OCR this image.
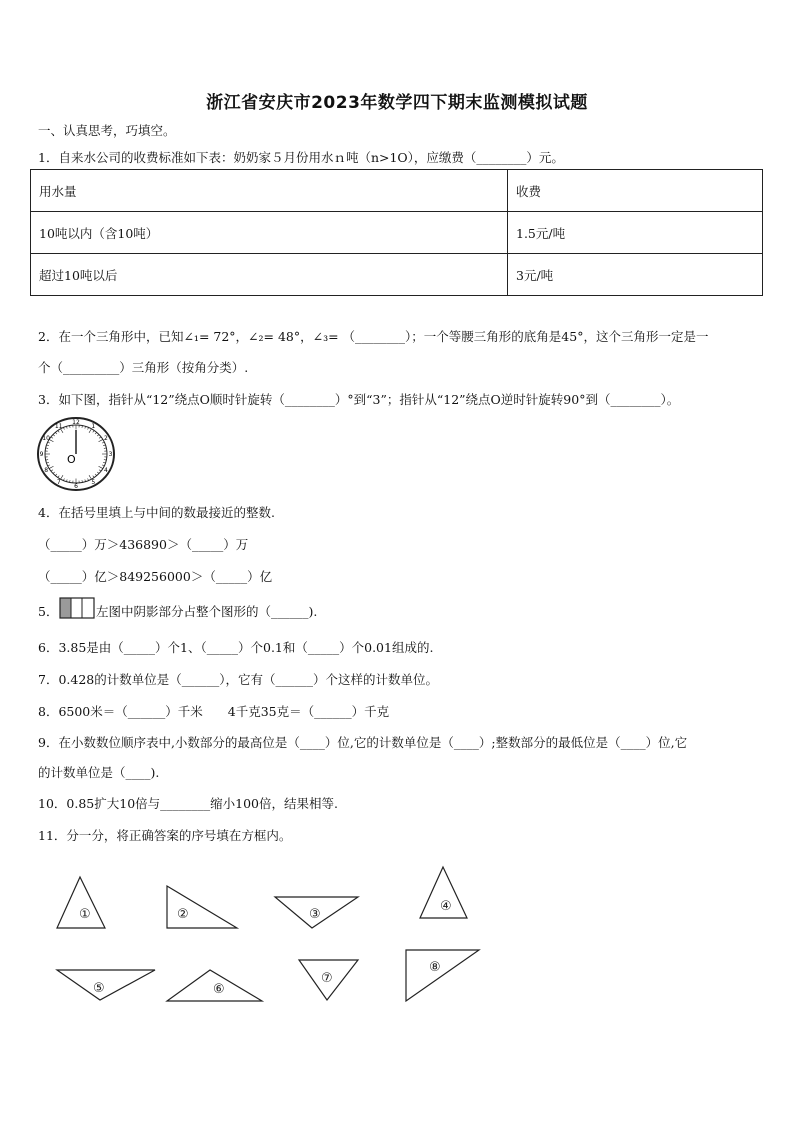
浙江省安庆市2023年数学四下期末监测模拟试题
一、认真思考，巧填空。
1．自来水公司的收费标准如下表：奶奶家５月份用水ｎ吨（n>1O），应缴费（________）元。
用水量	收费
10吨以内（含10吨）	1.5元/吨
超过10吨以后	3元/吨
2．在一个三角形中，已知∠₁= 72°，∠₂= 48°，∠₃= （________）；一个等腰三角形的底角是45°，这个三角形一定是一
个（_________）三角形（按角分类）.
3．如下图，指针从“12”绕点O顺时针旋转（________）°到“3”；指针从“12”绕点O逆时针旋转90°到（________）。
12
1
2
3
4
5
6
7
8
9
10
11
O
4．在括号里填上与中间的数最接近的整数.
（_____）万＞436890＞（_____）万
（_____）亿＞849256000＞（_____）亿
5．	左图中阴影部分占整个图形的（______).
6．3.85是由（_____）个1、（_____）个0.1和（_____）个0.01组成的.
7．0.428的计数单位是（______），它有（______）个这样的计数单位。
8．6500米＝（______）千米　　4千克35克＝（______）千克
9．在小数数位顺序表中,小数部分的最高位是（____）位,它的计数单位是（____）;整数部分的最低位是（____）位,它
的计数单位是（____).
10．0.85扩大10倍与________缩小100倍，结果相等.
11．分一分，将正确答案的序号填在方框内。
①	②	③
④
⑤	⑥
⑦
⑧
